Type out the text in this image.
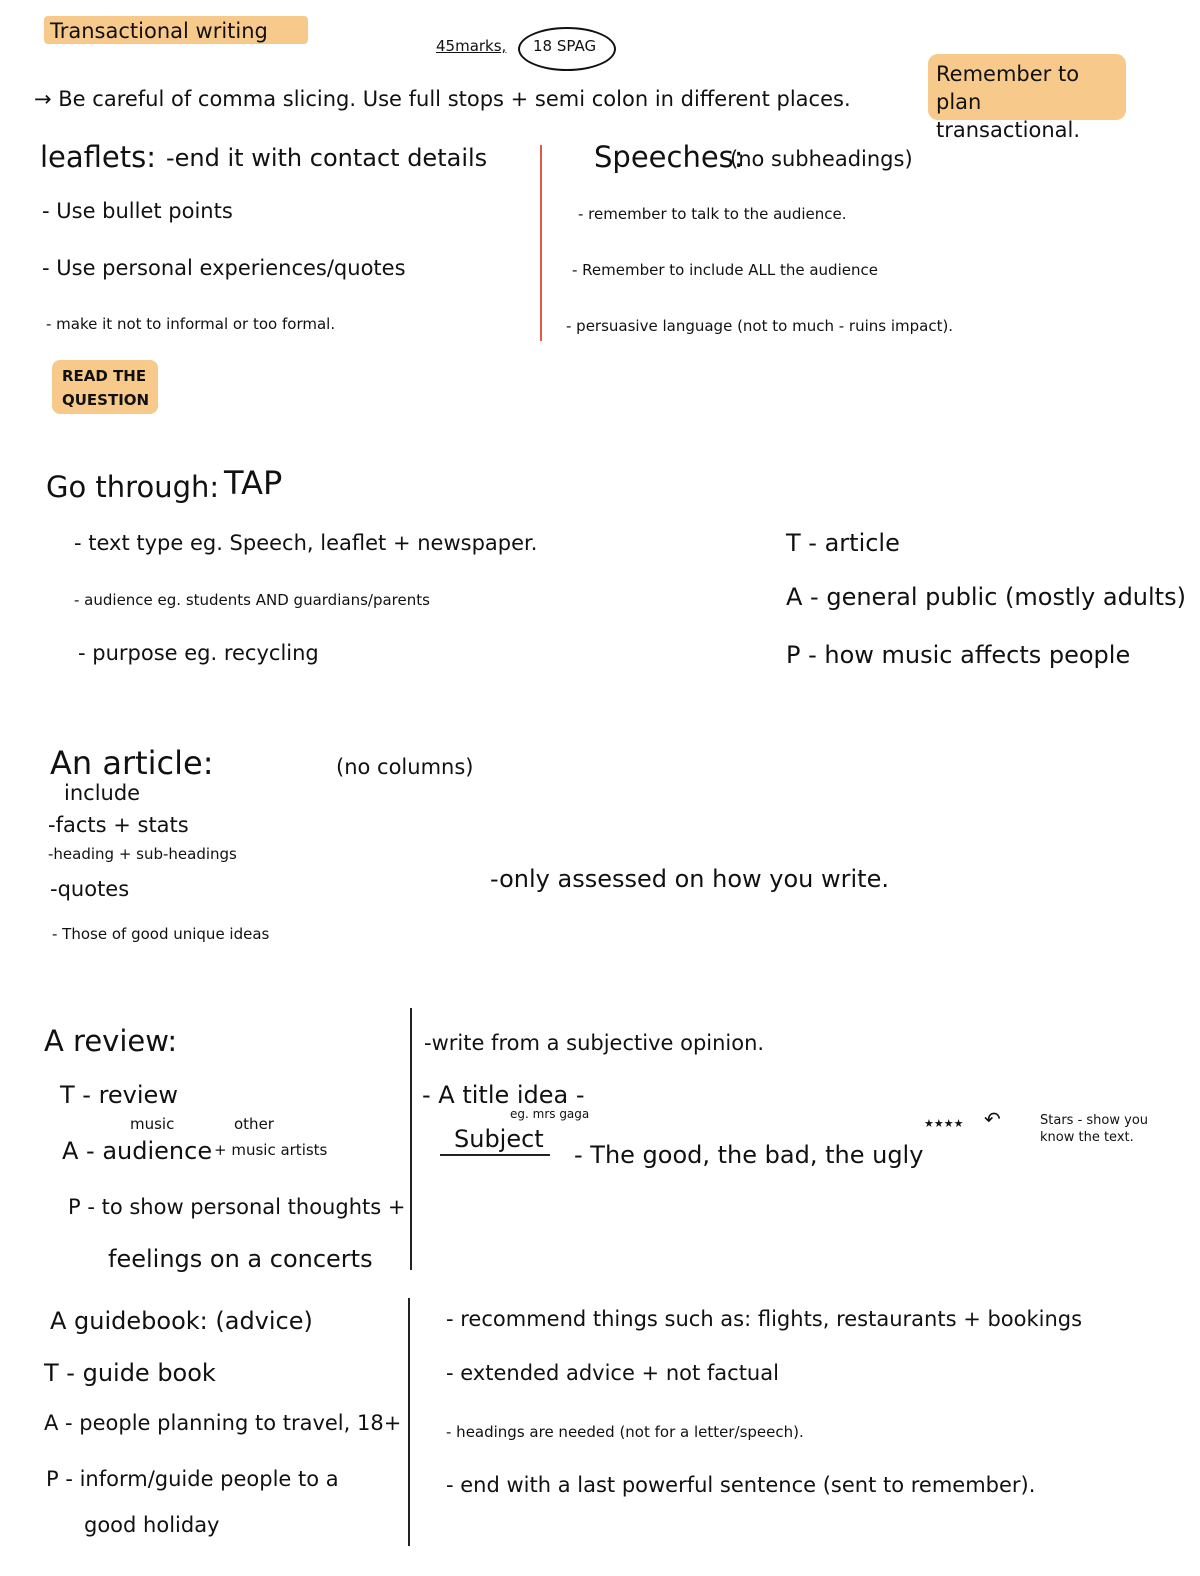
Transactional writing
45marks, 18 SPAG
Remember to plan transactional.
→ Be careful of comma slicing. Use full stops + semi colon in different places.
leaflets: -end it with contact details
- Use bullet points
- Use personal experiences/quotes
- make it not to informal or too formal.
Speeches:
(no subheadings)
- remember to talk to the audience.
- Remember to include ALL the audience
- persuasive language (not to much - ruins impact).
READ THE QUESTION
Go through: TAP
- text type eg. Speech, leaflet + newspaper.
- audience eg. students AND guardians/parents
- purpose eg. recycling
T - article
A - general public (mostly adults)
P - how music affects people
An article:	(no columns)
include
-facts + stats
-heading + sub-headings
-quotes
- Those of good unique ideas
-only assessed on how you write.
A review:
T - review
music	other
A - audience + music artists
P - to show personal thoughts +
feelings on a concerts
-write from a subjective opinion.
- A title idea -
eg. mrs gaga
Subject
- The good, the bad, the ugly
★★★★ ↶	Stars - show you know the text.
A guidebook: (advice)
T - guide book
A - people planning to travel, 18+
P - inform/guide people to a
good holiday
- recommend things such as: flights, restaurants + bookings
- extended advice + not factual
- headings are needed (not for a letter/speech).
- end with a last powerful sentence (sent to remember).
